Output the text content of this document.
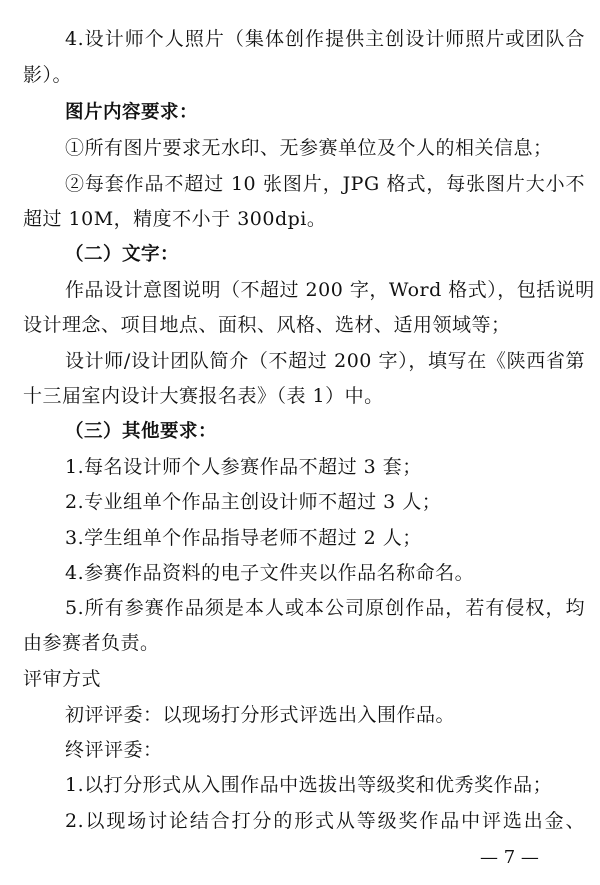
4.设计师个人照片（集体创作提供主创设计师照片或团队合
影）。
图片内容要求：
①所有图片要求无水印、无参赛单位及个人的相关信息；
②每套作品不超过 10 张图片，JPG 格式，每张图片大小不
超过 10M，精度不小于 300dpi。
（二）文字：
作品设计意图说明（不超过 200 字，Word 格式），包括说明
设计理念、项目地点、面积、风格、选材、适用领域等；
设计师/设计团队简介（不超过 200 字），填写在《陕西省第
十三届室内设计大赛报名表》（表 1）中。
（三）其他要求：
1.每名设计师个人参赛作品不超过 3 套；
2.专业组单个作品主创设计师不超过 3 人；
3.学生组单个作品指导老师不超过 2 人；
4.参赛作品资料的电子文件夹以作品名称命名。
5.所有参赛作品须是本人或本公司原创作品，若有侵权，均
由参赛者负责。
评审方式
初评评委：以现场打分形式评选出入围作品。
终评评委：
1.以打分形式从入围作品中选拔出等级奖和优秀奖作品；
2.以现场讨论结合打分的形式从等级奖作品中评选出金、
— 7 —
